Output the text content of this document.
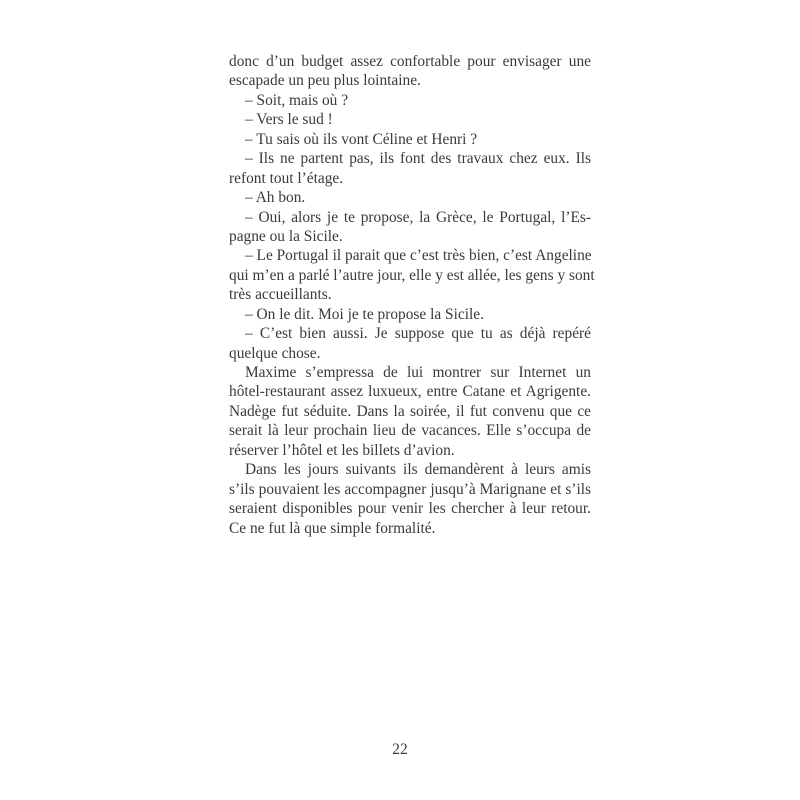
donc d’un budget assez confortable pour envisager une
escapade un peu plus lointaine.
– Soit, mais où ?
– Vers le sud !
– Tu sais où ils vont Céline et Henri ?
– Ils ne partent pas, ils font des travaux chez eux. Ils
refont tout l’étage.
– Ah bon.
– Oui, alors je te propose, la Grèce, le Portugal, l’Es-
pagne ou la Sicile.
– Le Portugal il parait que c’est très bien, c’est Angeline
qui m’en a parlé l’autre jour, elle y est allée, les gens y sont
très accueillants.
– On le dit. Moi je te propose la Sicile.
– C’est bien aussi. Je suppose que tu as déjà repéré
quelque chose.
Maxime s’empressa de lui montrer sur Internet un
hôtel-restaurant assez luxueux, entre Catane et Agrigente.
Nadège fut séduite. Dans la soirée, il fut convenu que ce
serait là leur prochain lieu de vacances. Elle s’occupa de
réserver l’hôtel et les billets d’avion.
Dans les jours suivants ils demandèrent à leurs amis
s’ils pouvaient les accompagner jusqu’à Marignane et s’ils
seraient disponibles pour venir les chercher à leur retour.
Ce ne fut là que simple formalité.
22
